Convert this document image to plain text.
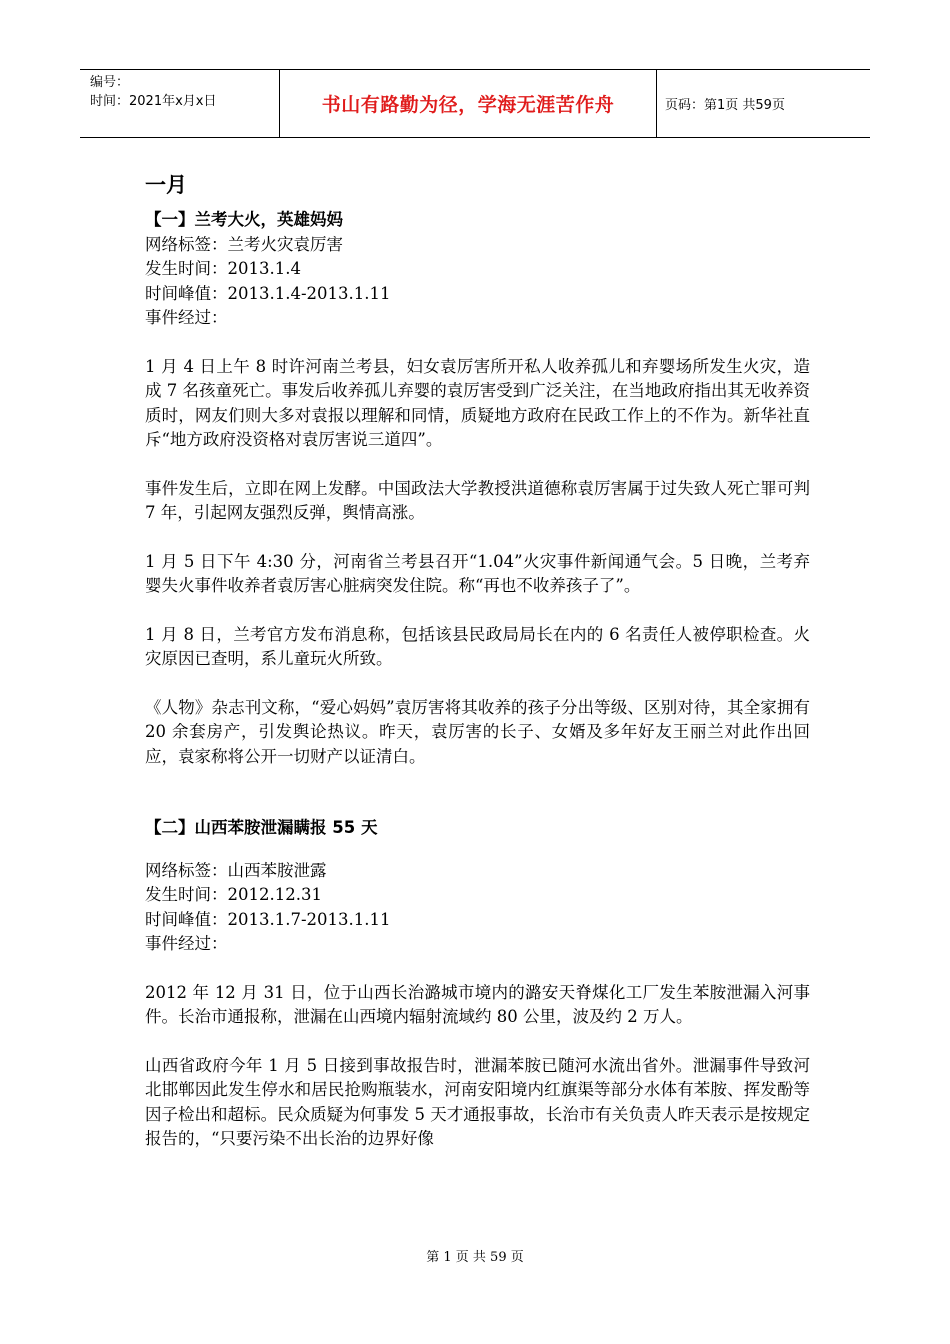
编号：
时间：2021年x月x日	书山有路勤为径，学海无涯苦作舟	页码：第1页 共59页
一月

【一】兰考大火，英雄妈妈

网络标签：兰考火灾袁厉害

发生时间：2013.1.4

时间峰值：2013.1.4-2013.1.11

事件经过：

1 月 4 日上午 8 时许河南兰考县，妇女袁厉害所开私人收养孤儿和弃婴场所发生火灾，造成 7 名孩童死亡。事发后收养孤儿弃婴的袁厉害受到广泛关注，在当地政府指出其无收养资质时，网友们则大多对袁报以理解和同情，质疑地方政府在民政工作上的不作为。新华社直斥“地方政府没资格对袁厉害说三道四”。

事件发生后，立即在网上发酵。中国政法大学教授洪道德称袁厉害属于过失致人死亡罪可判 7 年，引起网友强烈反弹，舆情高涨。

1 月 5 日下午 4:30 分，河南省兰考县召开“1.04”火灾事件新闻通气会。5 日晚，兰考弃婴失火事件收养者袁厉害心脏病突发住院。称“再也不收养孩子了”。

1 月 8 日，兰考官方发布消息称，包括该县民政局局长在内的 6 名责任人被停职检查。火灾原因已查明，系儿童玩火所致。

《人物》杂志刊文称，“爱心妈妈”袁厉害将其收养的孩子分出等级、区别对待，其全家拥有 20 余套房产，引发舆论热议。昨天，袁厉害的长子、女婿及多年好友王丽兰对此作出回应，袁家称将公开一切财产以证清白。

【二】山西苯胺泄漏瞒报 55 天

网络标签：山西苯胺泄露

发生时间：2012.12.31

时间峰值：2013.1.7-2013.1.11

事件经过：

2012 年 12 月 31 日，位于山西长治潞城市境内的潞安天脊煤化工厂发生苯胺泄漏入河事件。长治市通报称，泄漏在山西境内辐射流域约 80 公里，波及约 2 万人。

山西省政府今年 1 月 5 日接到事故报告时，泄漏苯胺已随河水流出省外。泄漏事件导致河北邯郸因此发生停水和居民抢购瓶装水，河南安阳境内红旗渠等部分水体有苯胺、挥发酚等因子检出和超标。民众质疑为何事发 5 天才通报事故，长治市有关负责人昨天表示是按规定报告的，“只要污染不出长治的边界好像

第 1 页 共 59 页
